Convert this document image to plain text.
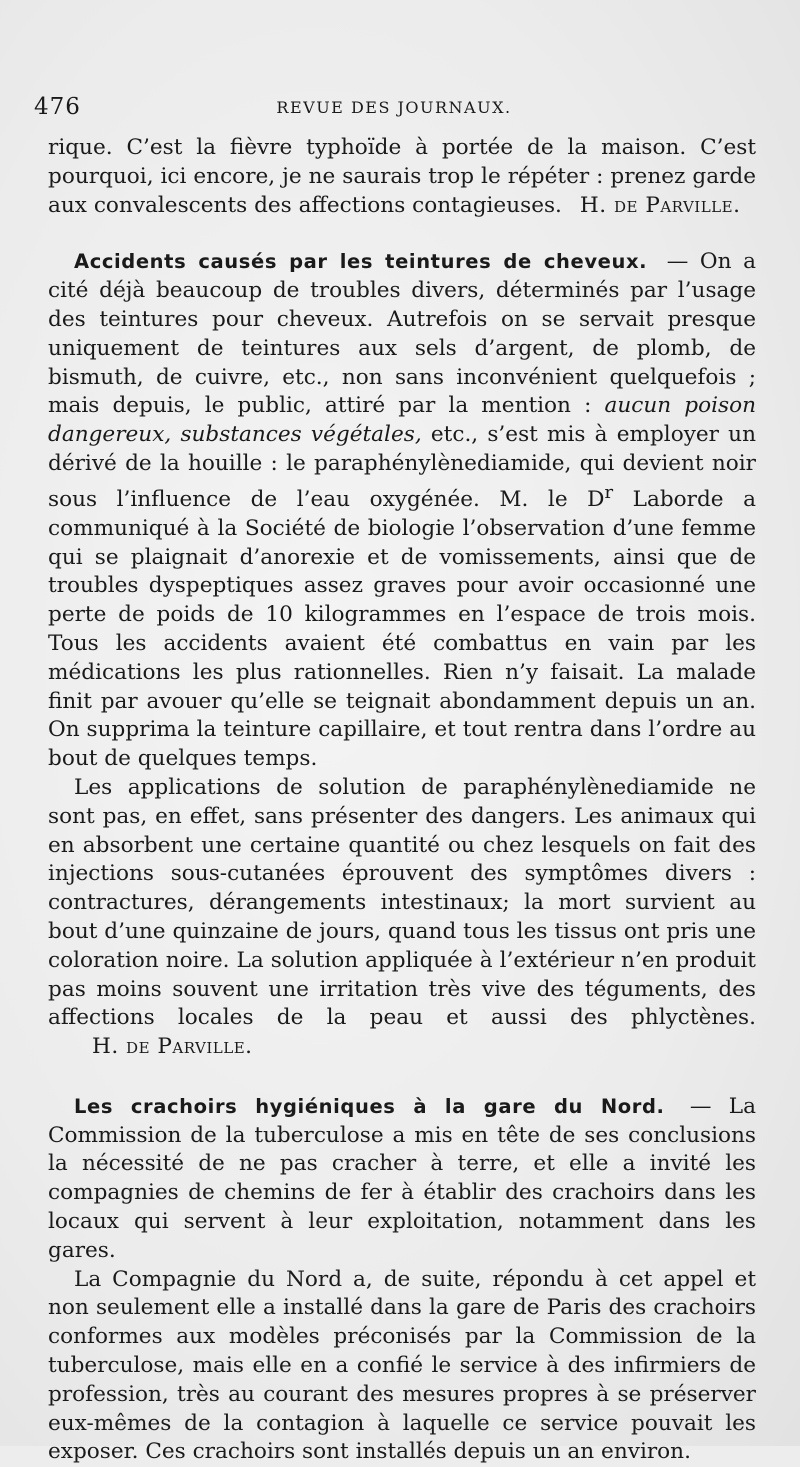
476	REVUE DES JOURNAUX.

rique. C’est la fièvre typhoïde à portée de la maison. C’est pourquoi, ici encore, je ne saurais trop le répéter : prenez garde aux convalescents des affections contagieuses. H. de Parville.

Accidents causés par les teintures de cheveux. — On a cité déjà beaucoup de troubles divers, déterminés par l’usage des teintures pour cheveux. Autrefois on se servait presque uniquement de teintures aux sels d’argent, de plomb, de bismuth, de cuivre, etc., non sans inconvénient quelquefois ; mais depuis, le public, attiré par la mention : aucun poison dangereux, substances végétales, etc., s’est mis à employer un dérivé de la houille : le paraphénylènediamide, qui devient noir sous l’influence de l’eau oxygénée. M. le $D^r$ Laborde a communiqué à la Société de biologie l’observation d’une femme qui se plaignait d’anorexie et de vomissements, ainsi que de troubles dyspeptiques assez graves pour avoir occasionné une perte de poids de 10 kilogrammes en l’espace de trois mois. Tous les accidents avaient été combattus en vain par les médications les plus rationnelles. Rien n’y faisait. La malade finit par avouer qu’elle se teignait abondamment depuis un an. On supprima la teinture capillaire, et tout rentra dans l’ordre au bout de quelques temps.

Les applications de solution de paraphénylènediamide ne sont pas, en effet, sans présenter des dangers. Les animaux qui en absorbent une certaine quantité ou chez lesquels on fait des injections sous-cutanées éprouvent des symptômes divers : contractures, dérangements intestinaux; la mort survient au bout d’une quinzaine de jours, quand tous les tissus ont pris une coloration noire. La solution appliquée à l’extérieur n’en produit pas moins souvent une irritation très vive des téguments, des affections locales de la peau et aussi des phlyctènes.H. de Parville.

Les crachoirs hygiéniques à la gare du Nord. — La Commission de la tuberculose a mis en tête de ses conclusions la nécessité de ne pas cracher à terre, et elle a invité les compagnies de chemins de fer à établir des crachoirs dans les locaux qui servent à leur exploitation, notamment dans les gares.

La Compagnie du Nord a, de suite, répondu à cet appel et non seulement elle a installé dans la gare de Paris des crachoirs conformes aux modèles préconisés par la Commission de la tuberculose, mais elle en a confié le service à des infirmiers de profession, très au courant des mesures propres à se préserver eux-mêmes de la contagion à laquelle ce service pouvait les exposer. Ces crachoirs sont installés depuis un an environ.
